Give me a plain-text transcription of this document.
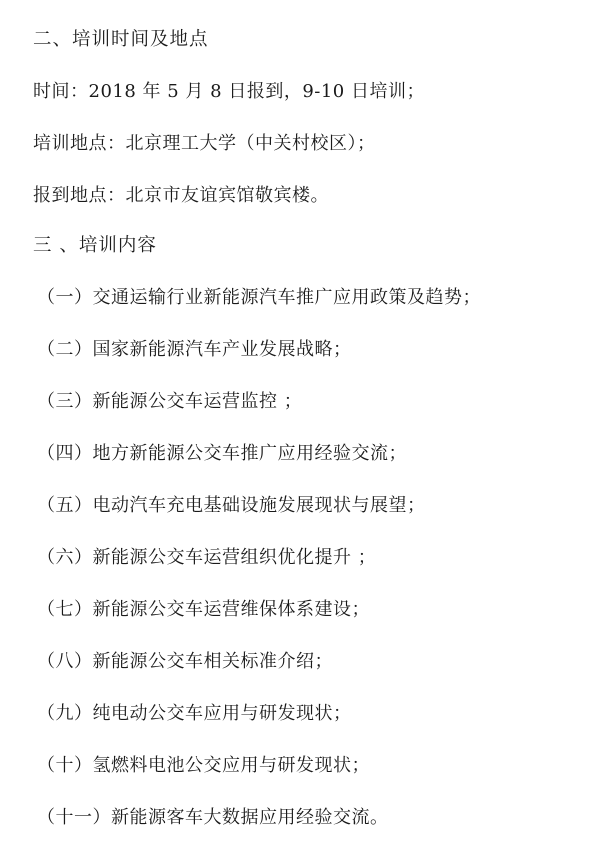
二、培训时间及地点
时间：2018 年 5 月 8 日报到，9-10 日培训；
培训地点：北京理工大学（中关村校区）；
报到地点：北京市友谊宾馆敬宾楼。
三 、培训内容
（一）交通运输行业新能源汽车推广应用政策及趋势；
（二）国家新能源汽车产业发展战略；
（三）新能源公交车运营监控 ；
（四）地方新能源公交车推广应用经验交流；
（五）电动汽车充电基础设施发展现状与展望；
（六）新能源公交车运营组织优化提升 ；
（七）新能源公交车运营维保体系建设；
（八）新能源公交车相关标准介绍；
（九）纯电动公交车应用与研发现状；
（十）氢燃料电池公交应用与研发现状；
（十一）新能源客车大数据应用经验交流。
